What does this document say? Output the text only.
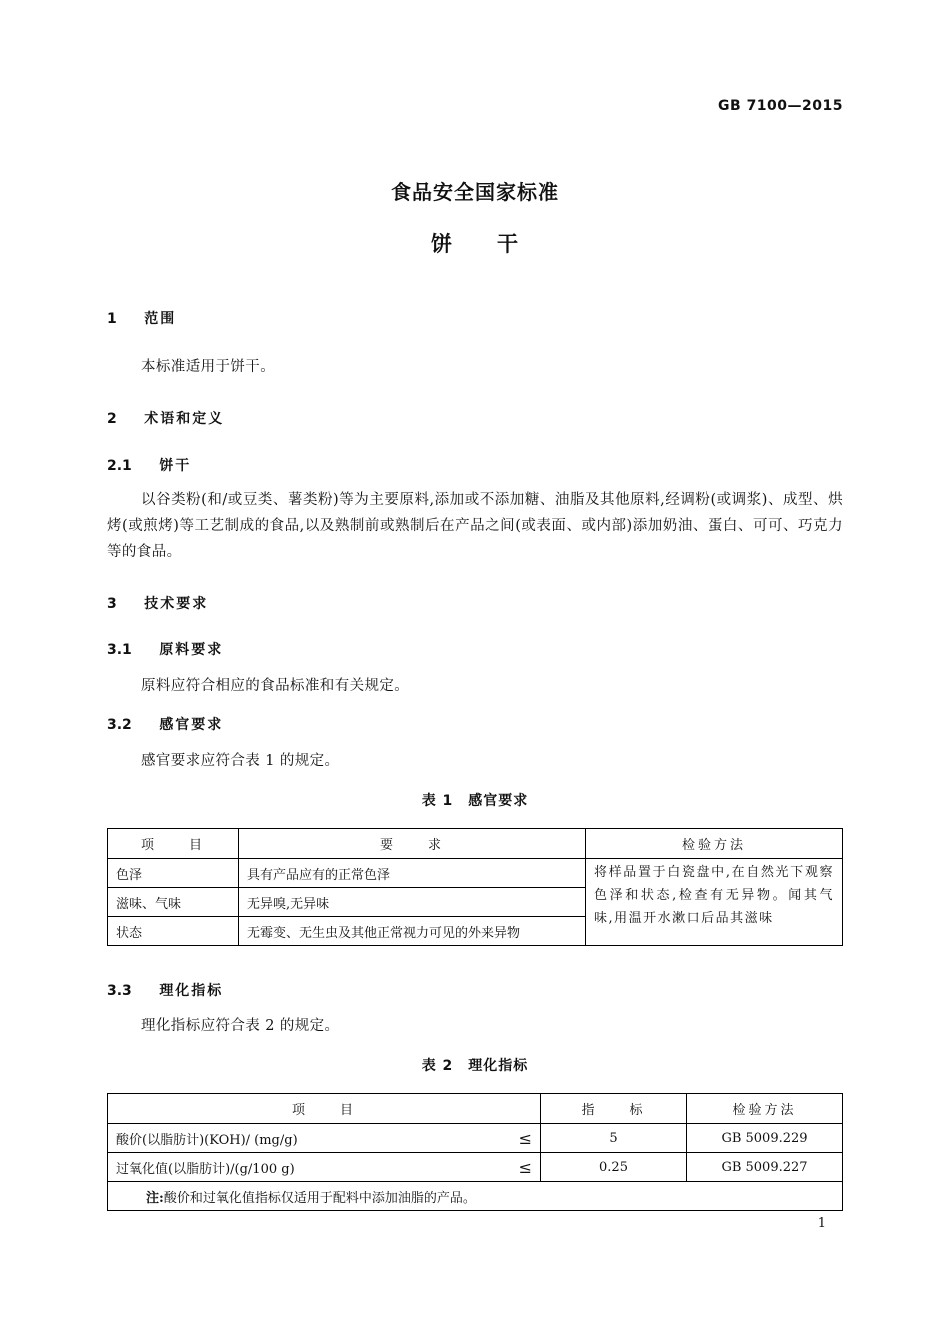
GB 7100—2015
食品安全国家标准
饼　　干
1 范围
本标准适用于饼干。
2 术语和定义
2.1 饼干
以谷类粉(和/或豆类、薯类粉)等为主要原料,添加或不添加糖、油脂及其他原料,经调粉(或调浆)、成型、烘烤(或煎烤)等工艺制成的食品,以及熟制前或熟制后在产品之间(或表面、或内部)添加奶油、蛋白、可可、巧克力等的食品。
3 技术要求
3.1 原料要求
原料应符合相应的食品标准和有关规定。
3.2 感官要求
感官要求应符合表 1 的规定。
表 1　感官要求
项　　目	要　　求	检验方法
色泽	具有产品应有的正常色泽	将样品置于白瓷盘中,在自然光下观察色泽和状态,检查有无异物。闻其气味,用温开水漱口后品其滋味
滋味、气味	无异嗅,无异味	
状态	无霉变、无生虫及其他正常视力可见的外来异物	
3.3 理化指标
理化指标应符合表 2 的规定。
表 2　理化指标
项　　目	指　　标	检验方法
酸价(以脂肪计)(KOH)/ (mg/g) ≤	5	GB 5009.229
过氧化值(以脂肪计)/(g/100 g) ≤	0.25	GB 5009.227
注:酸价和过氧化值指标仅适用于配料中添加油脂的产品。		
1
